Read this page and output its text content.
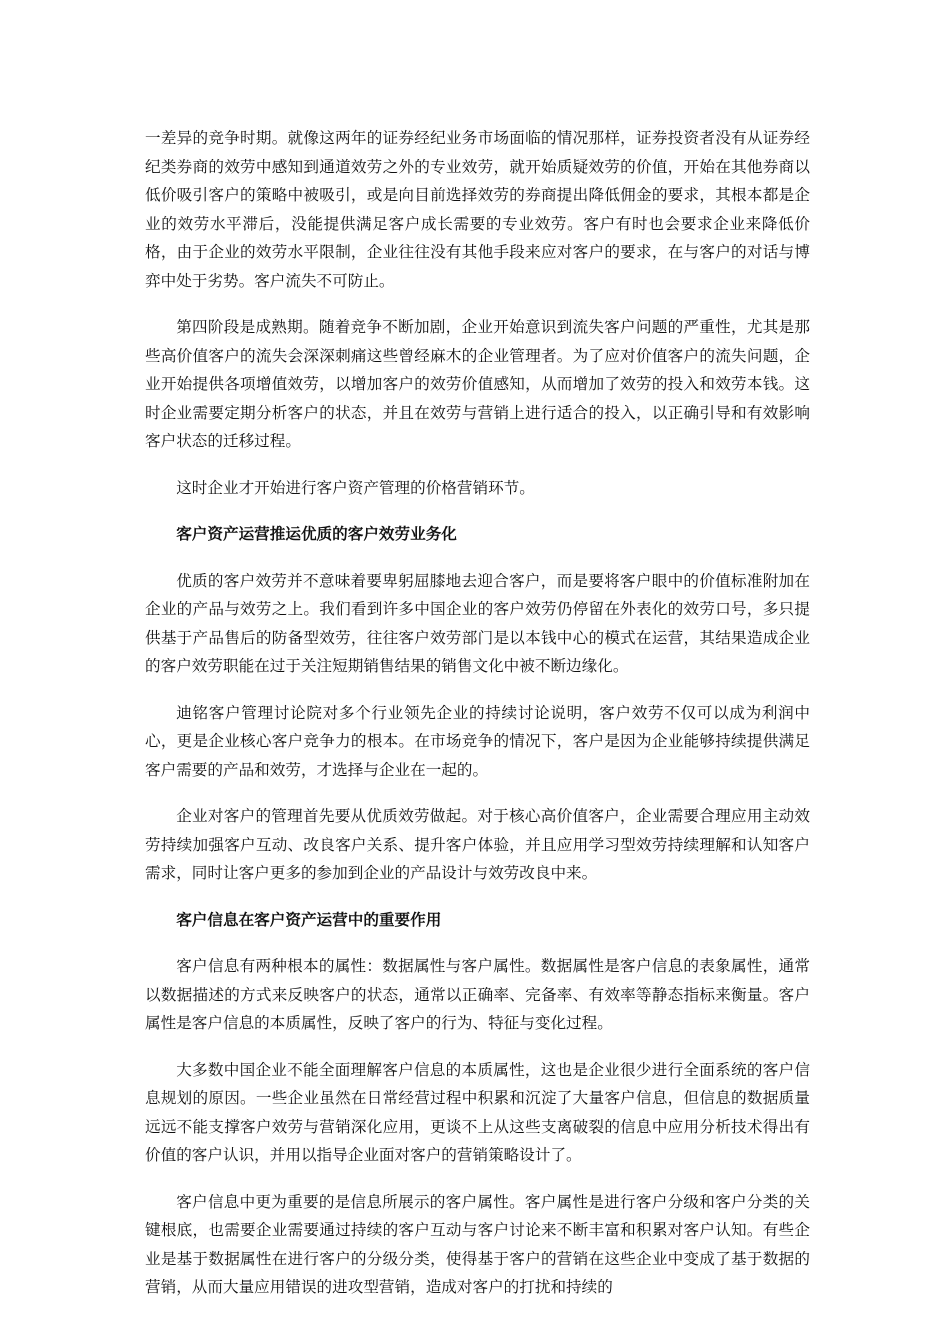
一差异的竞争时期。就像这两年的证券经纪业务市场面临的情况那样，证券投资者没有从证券经纪类券商的效劳中感知到通道效劳之外的专业效劳，就开始质疑效劳的价值，开始在其他券商以低价吸引客户的策略中被吸引，或是向目前选择效劳的券商提出降低佣金的要求，其根本都是企业的效劳水平滞后，没能提供满足客户成长需要的专业效劳。客户有时也会要求企业来降低价格，由于企业的效劳水平限制，企业往往没有其他手段来应对客户的要求，在与客户的对话与博弈中处于劣势。客户流失不可防止。

第四阶段是成熟期。随着竞争不断加剧，企业开始意识到流失客户问题的严重性，尤其是那些高价值客户的流失会深深刺痛这些曾经麻木的企业管理者。为了应对价值客户的流失问题，企业开始提供各项增值效劳，以增加客户的效劳价值感知，从而增加了效劳的投入和效劳本钱。这时企业需要定期分析客户的状态，并且在效劳与营销上进行适合的投入，以正确引导和有效影响客户状态的迁移过程。

这时企业才开始进行客户资产管理的价格营销环节。

客户资产运营推运优质的客户效劳业务化

优质的客户效劳并不意味着要卑躬屈膝地去迎合客户，而是要将客户眼中的价值标准附加在企业的产品与效劳之上。我们看到许多中国企业的客户效劳仍停留在外表化的效劳口号，多只提供基于产品售后的防备型效劳，往往客户效劳部门是以本钱中心的模式在运营，其结果造成企业的客户效劳职能在过于关注短期销售结果的销售文化中被不断边缘化。

迪铭客户管理讨论院对多个行业领先企业的持续讨论说明，客户效劳不仅可以成为利润中心，更是企业核心客户竞争力的根本。在市场竞争的情况下，客户是因为企业能够持续提供满足客户需要的产品和效劳，才选择与企业在一起的。

企业对客户的管理首先要从优质效劳做起。对于核心高价值客户，企业需要合理应用主动效劳持续加强客户互动、改良客户关系、提升客户体验，并且应用学习型效劳持续理解和认知客户需求，同时让客户更多的参加到企业的产品设计与效劳改良中来。

客户信息在客户资产运营中的重要作用

客户信息有两种根本的属性：数据属性与客户属性。数据属性是客户信息的表象属性，通常以数据描述的方式来反映客户的状态，通常以正确率、完备率、有效率等静态指标来衡量。客户属性是客户信息的本质属性，反映了客户的行为、特征与变化过程。

大多数中国企业不能全面理解客户信息的本质属性，这也是企业很少进行全面系统的客户信息规划的原因。一些企业虽然在日常经营过程中积累和沉淀了大量客户信息，但信息的数据质量远远不能支撑客户效劳与营销深化应用，更谈不上从这些支离破裂的信息中应用分析技术得出有价值的客户认识，并用以指导企业面对客户的营销策略设计了。

客户信息中更为重要的是信息所展示的客户属性。客户属性是进行客户分级和客户分类的关键根底，也需要企业需要通过持续的客户互动与客户讨论来不断丰富和积累对客户认知。有些企业是基于数据属性在进行客户的分级分类，使得基于客户的营销在这些企业中变成了基于数据的营销，从而大量应用错误的进攻型营销，造成对客户的打扰和持续的
